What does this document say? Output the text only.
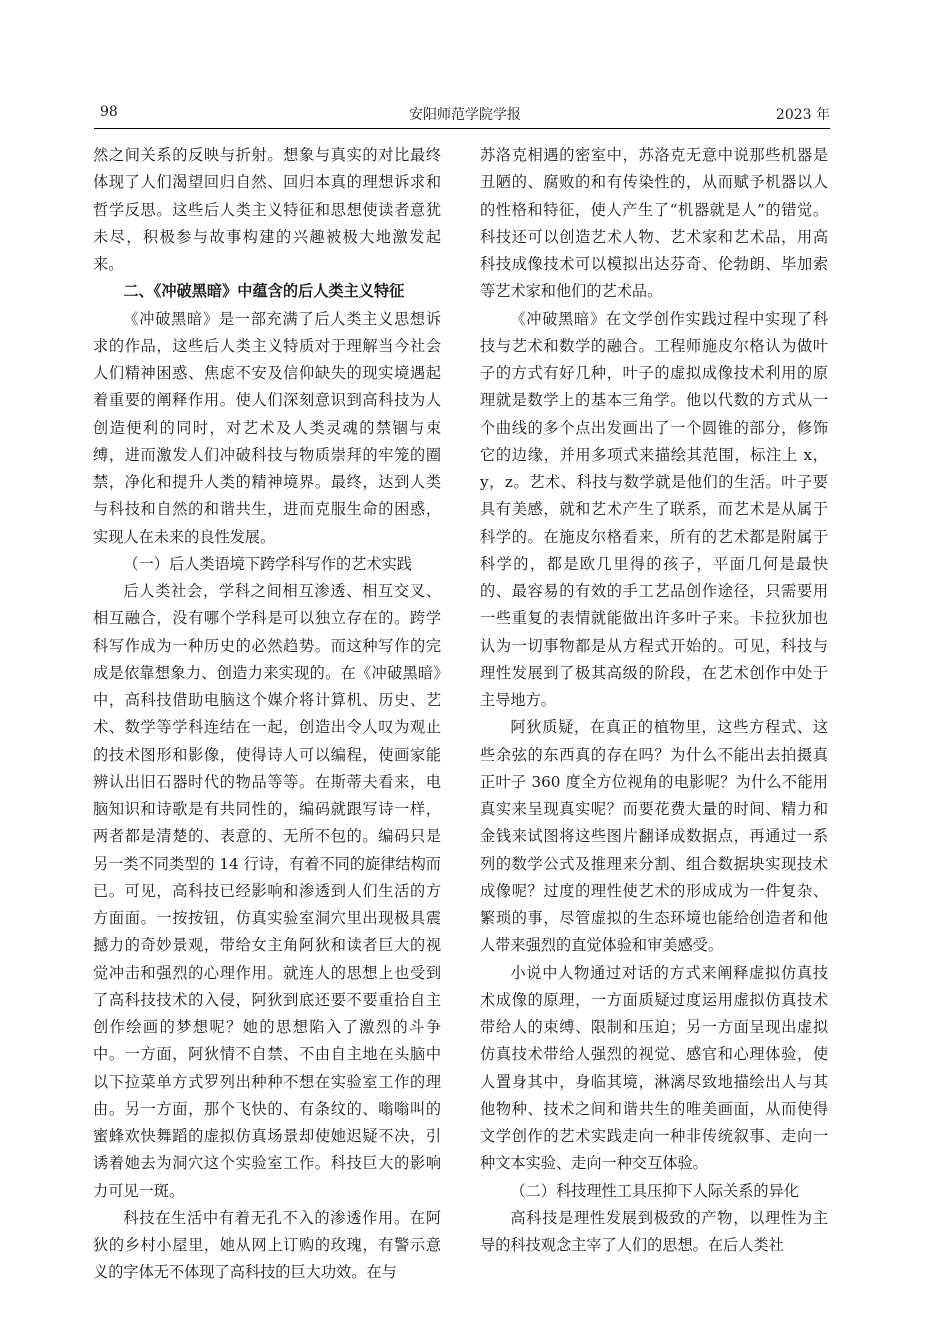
安阳师范学院学报
98	2023 年

然之间关系的反映与折射。想象与真实的对比最终体现了人们渴望回归自然、回归本真的理想诉求和哲学反思。这些后人类主义特征和思想使读者意犹未尽，积极参与故事构建的兴趣被极大地激发起来。

二、《冲破黑暗》中蕴含的后人类主义特征

《冲破黑暗》是一部充满了后人类主义思想诉求的作品，这些后人类主义特质对于理解当今社会人们精神困惑、焦虑不安及信仰缺失的现实境遇起着重要的阐释作用。使人们深刻意识到高科技为人创造便利的同时，对艺术及人类灵魂的禁锢与束缚，进而激发人们冲破科技与物质崇拜的牢笼的圈禁，净化和提升人类的精神境界。最终，达到人类与科技和自然的和谐共生，进而克服生命的困惑，实现人在未来的良性发展。

（一）后人类语境下跨学科写作的艺术实践

后人类社会，学科之间相互渗透、相互交叉、相互融合，没有哪个学科是可以独立存在的。跨学科写作成为一种历史的必然趋势。而这种写作的完成是依靠想象力、创造力来实现的。在《冲破黑暗》中，高科技借助电脑这个媒介将计算机、历史、艺术、数学等学科连结在一起，创造出令人叹为观止的技术图形和影像，使得诗人可以编程，使画家能辨认出旧石器时代的物品等等。在斯蒂夫看来，电脑知识和诗歌是有共同性的，编码就跟写诗一样，两者都是清楚的、表意的、无所不包的。编码只是另一类不同类型的 14 行诗，有着不同的旋律结构而已。可见，高科技已经影响和渗透到人们生活的方方面面。一按按钮，仿真实验室洞穴里出现极具震撼力的奇妙景观，带给女主角阿狄和读者巨大的视觉冲击和强烈的心理作用。就连人的思想上也受到了高科技技术的入侵，阿狄到底还要不要重拾自主创作绘画的梦想呢？她的思想陷入了激烈的斗争中。一方面，阿狄情不自禁、不由自主地在头脑中以下拉菜单方式罗列出种种不想在实验室工作的理由。另一方面，那个飞快的、有条纹的、嗡嗡叫的蜜蜂欢快舞蹈的虚拟仿真场景却使她迟疑不决，引诱着她去为洞穴这个实验室工作。科技巨大的影响力可见一斑。

科技在生活中有着无孔不入的渗透作用。在阿狄的乡村小屋里，她从网上订购的玫瑰，有警示意义的字体无不体现了高科技的巨大功效。在与

苏洛克相遇的密室中，苏洛克无意中说那些机器是丑陋的、腐败的和有传染性的，从而赋予机器以人的性格和特征，使人产生了“机器就是人”的错觉。科技还可以创造艺术人物、艺术家和艺术品，用高科技成像技术可以模拟出达芬奇、伦勃朗、毕加索等艺术家和他们的艺术品。

《冲破黑暗》在文学创作实践过程中实现了科技与艺术和数学的融合。工程师施皮尔格认为做叶子的方式有好几种，叶子的虚拟成像技术利用的原理就是数学上的基本三角学。他以代数的方式从一个曲线的多个点出发画出了一个圆锥的部分，修饰它的边缘，并用多项式来描绘其范围，标注上 x，y，z。艺术、科技与数学就是他们的生活。叶子要具有美感，就和艺术产生了联系，而艺术是从属于科学的。在施皮尔格看来，所有的艺术都是附属于科学的，都是欧几里得的孩子，平面几何是最快的、最容易的有效的手工艺品创作途径，只需要用一些重复的表情就能做出许多叶子来。卡拉狄加也认为一切事物都是从方程式开始的。可见，科技与理性发展到了极其高级的阶段，在艺术创作中处于主导地方。

阿狄质疑，在真正的植物里，这些方程式、这些余弦的东西真的存在吗？为什么不能出去拍摄真正叶子 360 度全方位视角的电影呢？为什么不能用真实来呈现真实呢？而要花费大量的时间、精力和金钱来试图将这些图片翻译成数据点，再通过一系列的数学公式及推理来分割、组合数据块实现技术成像呢？过度的理性使艺术的形成成为一件复杂、繁琐的事，尽管虚拟的生态环境也能给创造者和他人带来强烈的直觉体验和审美感受。

小说中人物通过对话的方式来阐释虚拟仿真技术成像的原理，一方面质疑过度运用虚拟仿真技术带给人的束缚、限制和压迫；另一方面呈现出虚拟仿真技术带给人强烈的视觉、感官和心理体验，使人置身其中，身临其境，淋漓尽致地描绘出人与其他物种、技术之间和谐共生的唯美画面，从而使得文学创作的艺术实践走向一种非传统叙事、走向一种文本实验、走向一种交互体验。

（二）科技理性工具压抑下人际关系的异化

高科技是理性发展到极致的产物，以理性为主导的科技观念主宰了人们的思想。在后人类社
